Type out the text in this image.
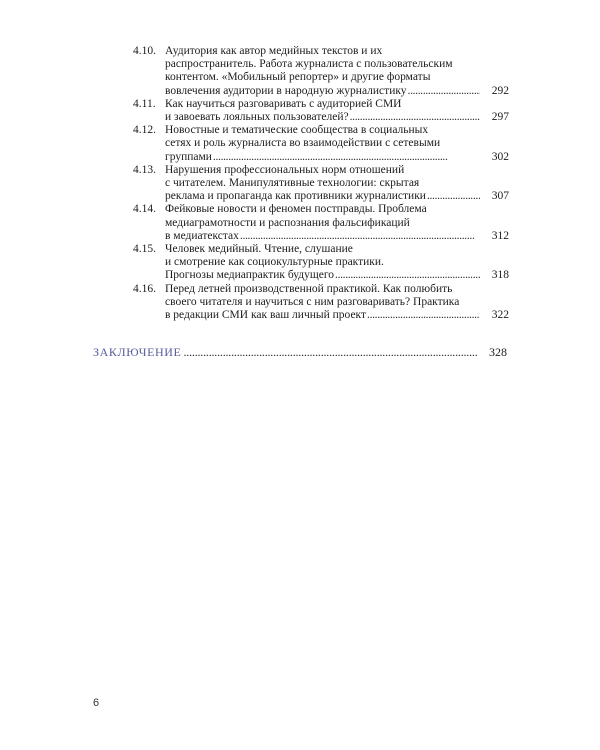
4.10. Аудитория как автор медийных текстов и их
распространитель. Работа журналиста с пользовательским
контентом. «Мобильный репортер» и другие форматы
вовлечения аудитории в народную журналистику . . .	292
4.11. Как научиться разговаривать с аудиторией СМИ
и завоевать лояльных пользователей? . . .	297
4.12. Новостные и тематические сообщества в социальных
сетях и роль журналиста во взаимодействии с сетевыми
группами . . .	302
4.13. Нарушения профессиональных норм отношений
с читателем. Манипулятивные технологии: скрытая
реклама и пропаганда как противники журналистики . . .	307
4.14. Фейковые новости и феномен постправды. Проблема
медиаграмотности и распознания фальсификаций
в медиатекстах . . .	312
4.15. Человек медийный. Чтение, слушание
и смотрение как социокультурные практики.
Прогнозы медиапрактик будущего . . .	318
4.16. Перед летней производственной практикой. Как полюбить
своего читателя и научиться с ним разговаривать? Практика
в редакции СМИ как ваш личный проект . . .	322
ЗАКЛЮЧЕНИЕ . . .	328
6
